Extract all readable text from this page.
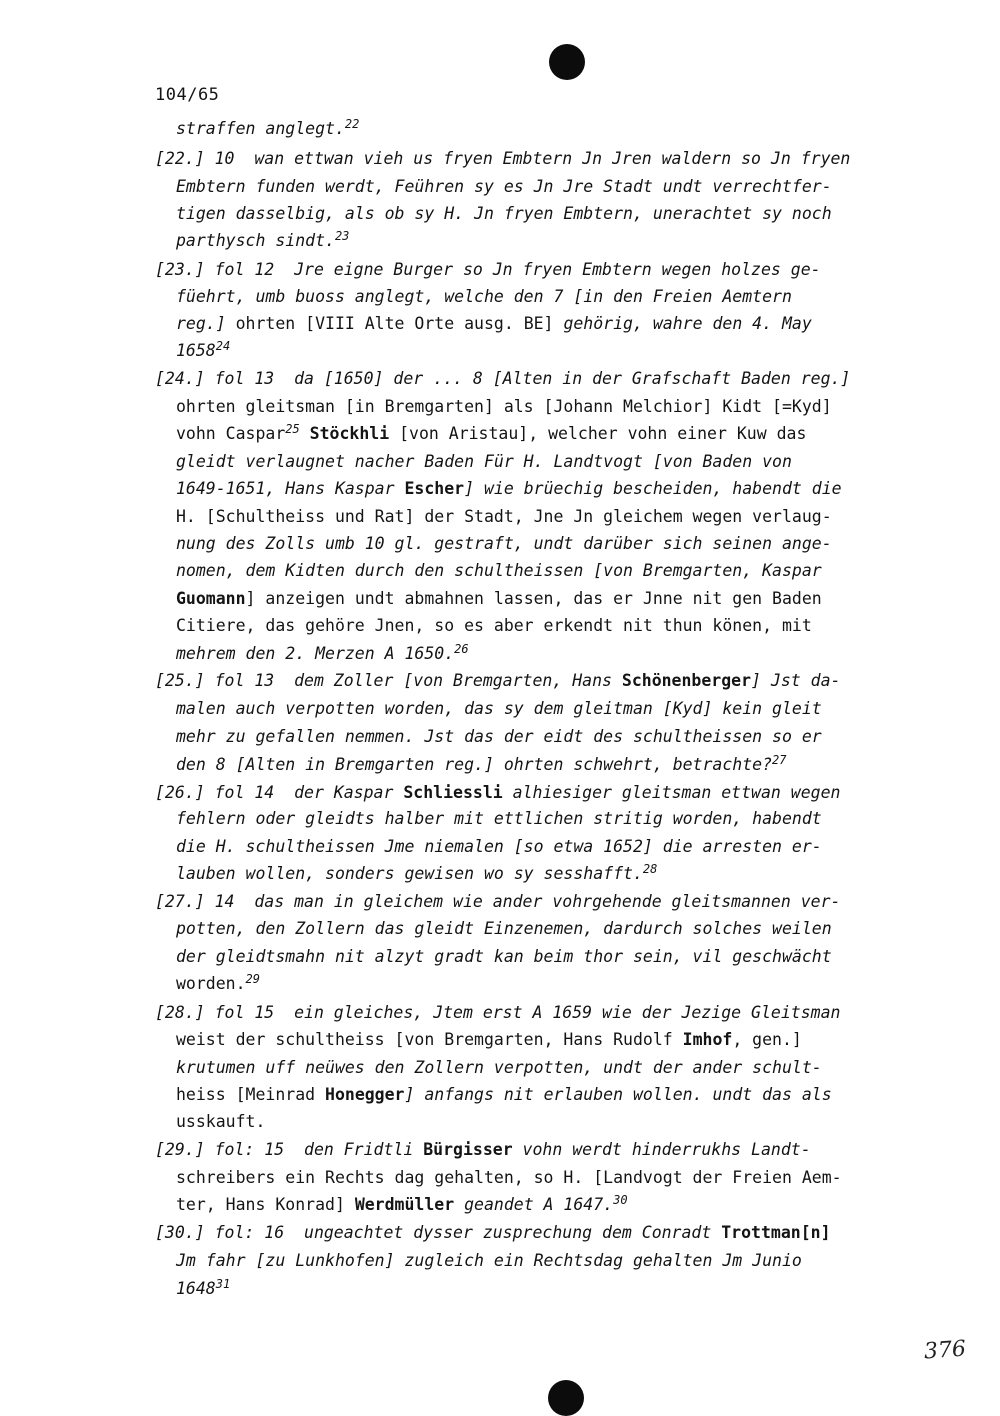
104/65
straffen anglegt.$^{22}$
[22.] 10  wan ettwan vieh us fryen Embtern Jn Jren waldern so Jn fryen
Embtern funden werdt, Feühren sy es Jn Jre Stadt undt verrechtfer-
tigen dasselbig, als ob sy H. Jn fryen Embtern, unerachtet sy noch
parthysch sindt.$^{23}$
[23.] fol 12  Jre eigne Burger so Jn fryen Embtern wegen holzes ge-
füehrt, umb buoss anglegt, welche den 7 [in den Freien Aemtern
reg.] ohrten [VIII Alte Orte ausg. BE] gehörig, wahre den 4. May
1658$^{24}$
[24.] fol 13  da [1650] der ... 8 [Alten in der Grafschaft Baden reg.]
ohrten gleitsman [in Bremgarten] als [Johann Melchior] Kidt [=Kyd]
vohn Caspar$^{25}$ Stöckhli [von Aristau], welcher vohn einer Kuw das
gleidt verlaugnet nacher Baden Für H. Landtvogt [von Baden von
1649-1651, Hans Kaspar Escher] wie brüechig bescheiden, habendt die
H. [Schultheiss und Rat] der Stadt, Jne Jn gleichem wegen verlaug-
nung des Zolls umb 10 gl. gestraft, undt darüber sich seinen ange-
nomen, dem Kidten durch den schultheissen [von Bremgarten, Kaspar
Guomann] anzeigen undt abmahnen lassen, das er Jnne nit gen Baden
Citiere, das gehöre Jnen, so es aber erkendt nit thun könen, mit
mehrem den 2. Merzen A 1650.26
[25.] fol 13  dem Zoller [von Bremgarten, Hans Schönenberger] Jst da-
malen auch verpotten worden, das sy dem gleitman [Kyd] kein gleit
mehr zu gefallen nemmen. Jst das der eidt des schultheissen so er
den 8 [Alten in Bremgarten reg.] ohrten schwehrt, betrachte?$^{27}$
[26.] fol 14  der Kaspar Schliessli alhiesiger gleitsman ettwan wegen
fehlern oder gleidts halber mit ettlichen stritig worden, habendt
die H. schultheissen Jme niemalen [so etwa 1652] die arresten er-
lauben wollen, sonders gewisen wo sy sesshafft.$^{28}$
[27.] 14  das man in gleichem wie ander vohrgehende gleitsmannen ver-
potten, den Zollern das gleidt Einzenemen, dardurch solches weilen
der gleidtsmahn nit alzyt gradt kan beim thor sein, vil geschwächt
worden.$^{29}$
[28.] fol 15  ein gleiches, Jtem erst A 1659 wie der Jezige Gleitsman
weist der schultheiss [von Bremgarten, Hans Rudolf Imhof, gen.]
krutumen uff neüwes den Zollern verpotten, undt der ander schult-
heiss [Meinrad Honegger] anfangs nit erlauben wollen. undt das als
usskauft.
[29.] fol: 15  den Fridtli Bürgisser vohn werdt hinderrukhs Landt-
schreibers ein Rechts dag gehalten, so H. [Landvogt der Freien Aem-
ter, Hans Konrad] Werdmüller geandet A 1647.30
[30.] fol: 16  ungeachtet dysser zusprechung dem Conradt Trottman[n]
Jm fahr [zu Lunkhofen] zugleich ein Rechtsdag gehalten Jm Junio
1648$^{31}$
376
